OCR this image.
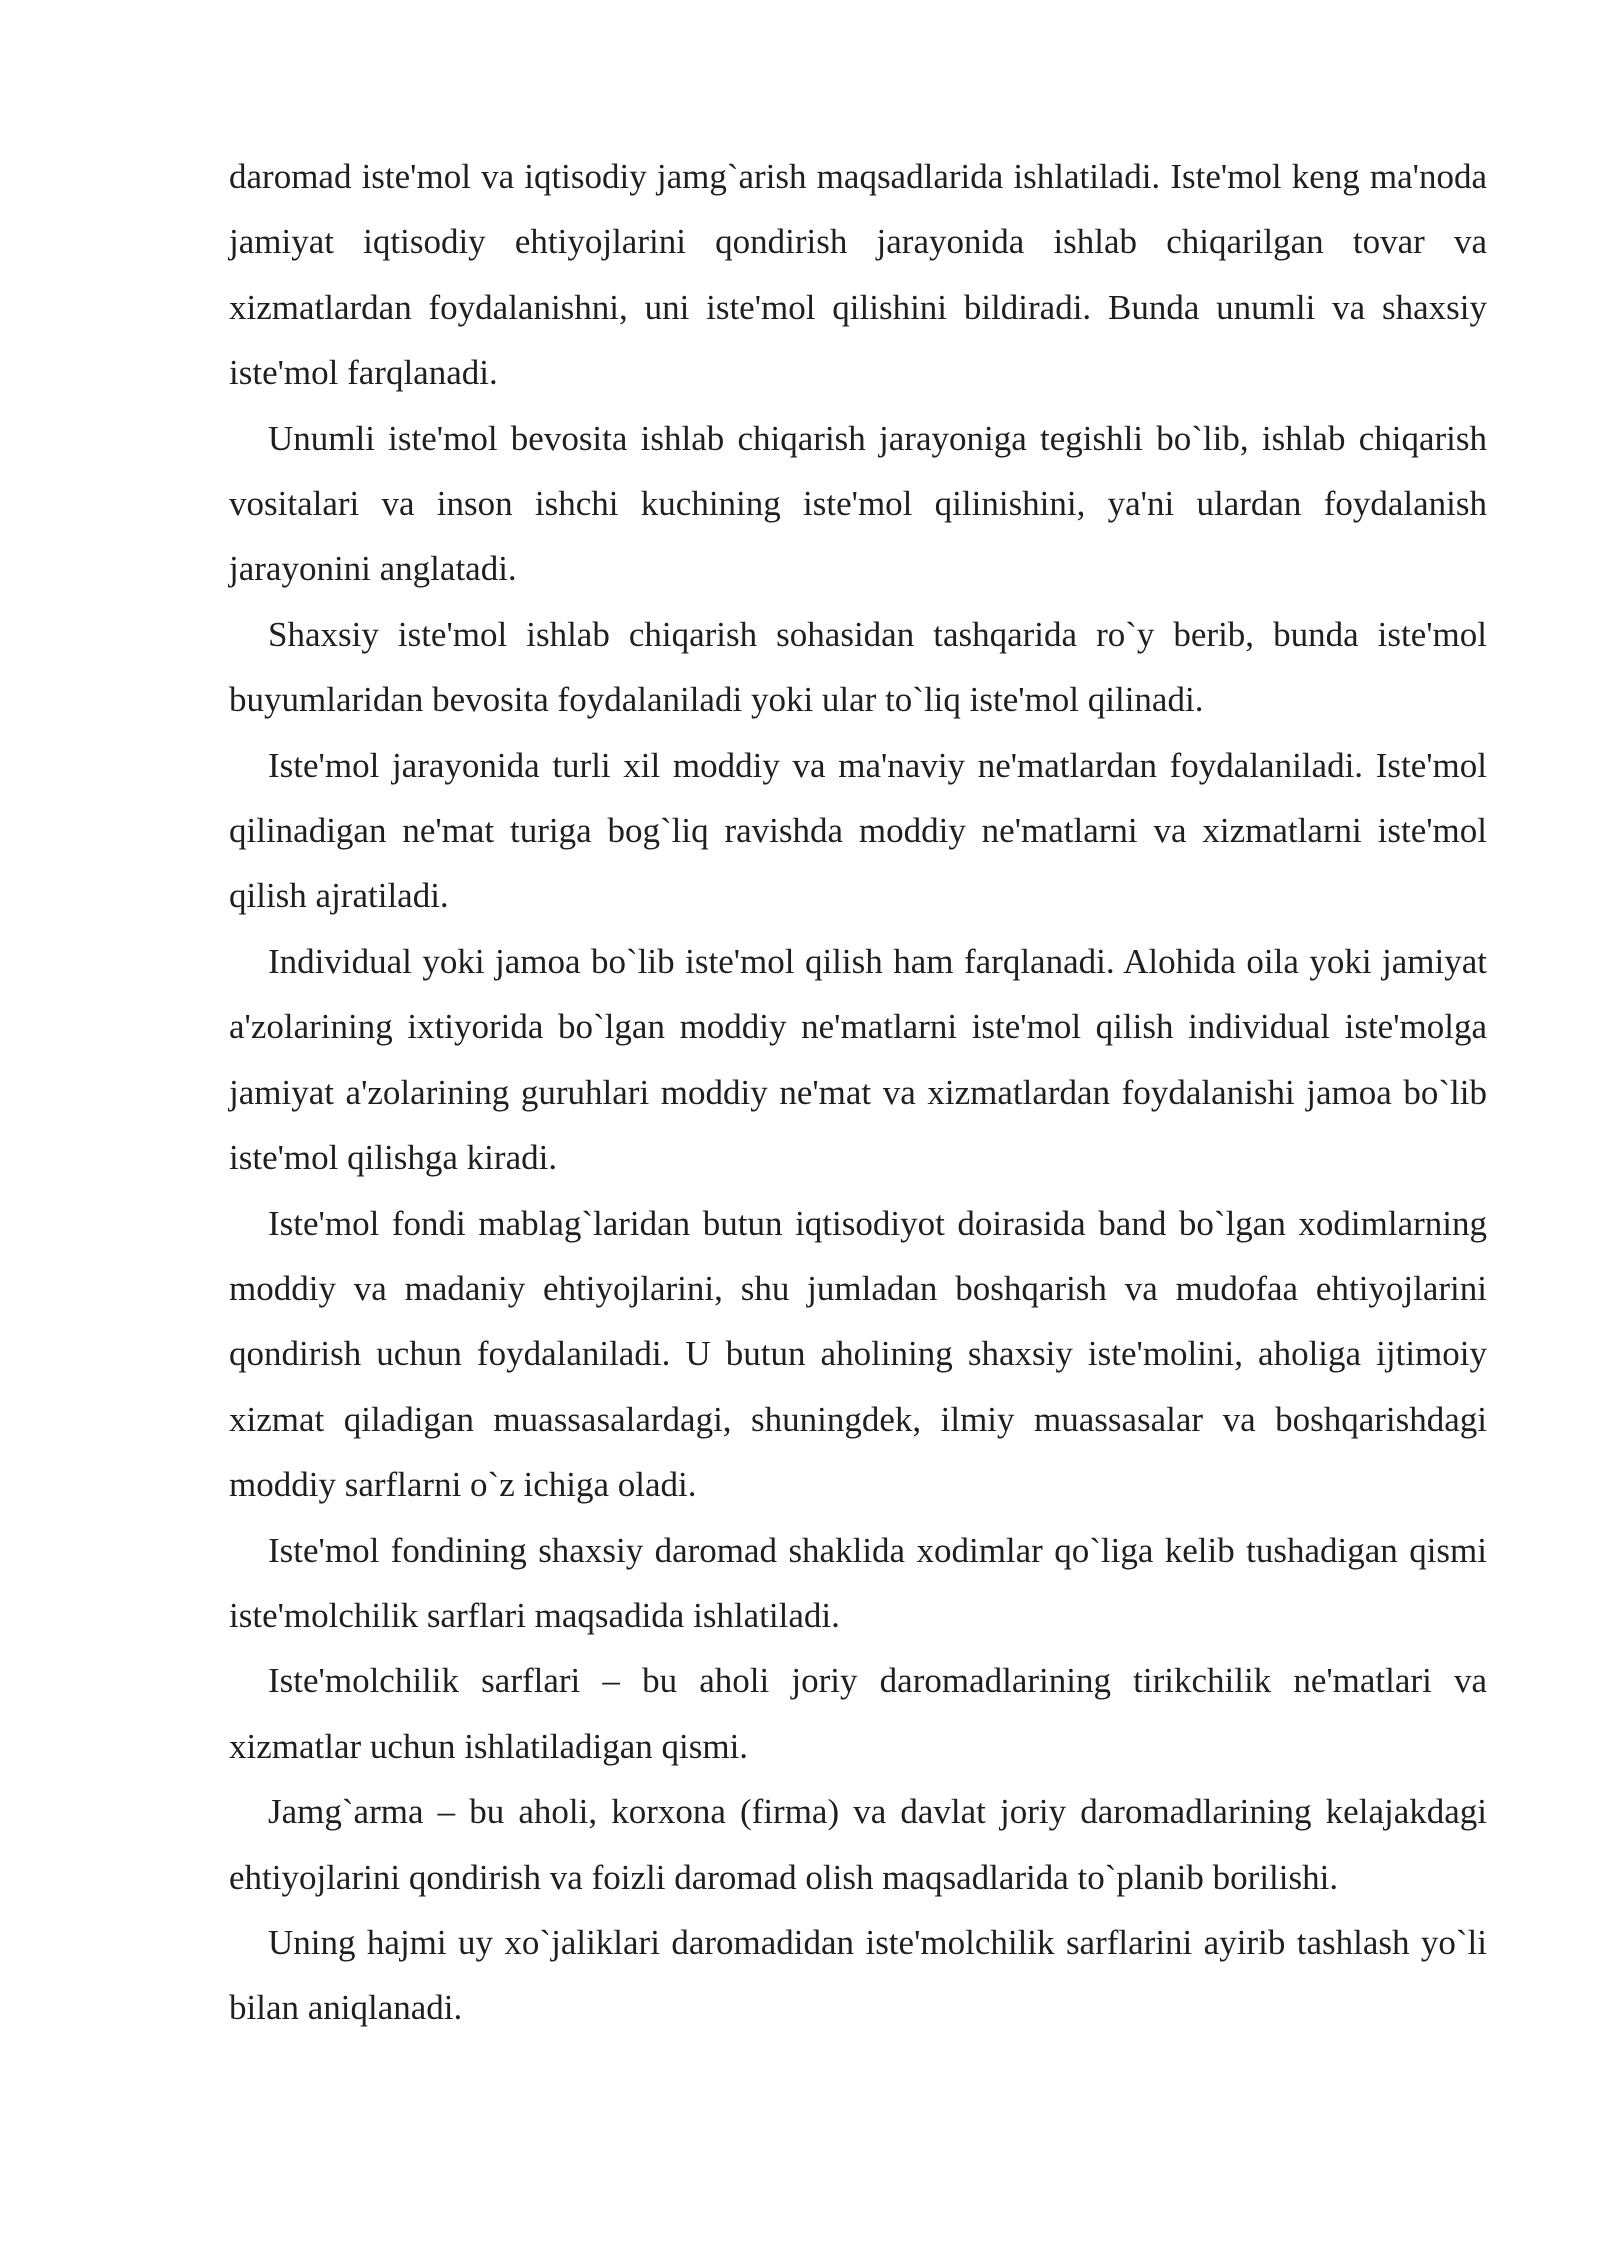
daromad iste'mol va iqtisodiy jamg`arish maqsadlarida ishlatiladi. Iste'mol keng ma'noda jamiyat iqtisodiy ehtiyojlarini qondirish jarayonida ishlab chiqarilgan tovar va xizmatlardan foydalanishni, uni iste'mol qilishini bildiradi. Bunda unumli va shaxsiy iste'mol farqlanadi.

Unumli iste'mol bevosita ishlab chiqarish jarayoniga tegishli bo`lib, ishlab chiqarish vositalari va inson ishchi kuchining iste'mol qilinishini, ya'ni ulardan foydalanish jarayonini anglatadi.

Shaxsiy iste'mol ishlab chiqarish sohasidan tashqarida ro`y berib, bunda iste'mol buyumlaridan bevosita foydalaniladi yoki ular to`liq iste'mol qilinadi.

Iste'mol jarayonida turli xil moddiy va ma'naviy ne'matlardan foydalaniladi. Iste'mol qilinadigan ne'mat turiga bog`liq ravishda moddiy ne'matlarni va xizmatlarni iste'mol qilish ajratiladi.

Individual yoki jamoa bo`lib iste'mol qilish ham farqlanadi. Alohida oila yoki jamiyat a'zolarining ixtiyorida bo`lgan moddiy ne'matlarni iste'mol qilish individual iste'molga jamiyat a'zolarining guruhlari moddiy ne'mat va xizmatlardan foydalanishi jamoa bo`lib iste'mol qilishga kiradi.

Iste'mol fondi mablag`laridan butun iqtisodiyot doirasida band bo`lgan xodimlarning moddiy va madaniy ehtiyojlarini, shu jumladan boshqarish va mudofaa ehtiyojlarini qondirish uchun foydalaniladi. U butun aholining shaxsiy iste'molini, aholiga ijtimoiy xizmat qiladigan muassasalardagi, shuningdek, ilmiy muassasalar va boshqarishdagi moddiy sarflarni o`z ichiga oladi.

Iste'mol fondining shaxsiy daromad shaklida xodimlar qo`liga kelib tushadigan qismi iste'molchilik sarflari maqsadida ishlatiladi.

Iste'molchilik sarflari – bu aholi joriy daromadlarining tirikchilik ne'matlari va xizmatlar uchun ishlatiladigan qismi.

Jamg`arma – bu aholi, korxona (firma) va davlat joriy daromadlarining kelajakdagi ehtiyojlarini qondirish va foizli daromad olish maqsadlarida to`planib borilishi.

Uning hajmi uy xo`jaliklari daromadidan iste'molchilik sarflarini ayirib tashlash yo`li bilan aniqlanadi.
